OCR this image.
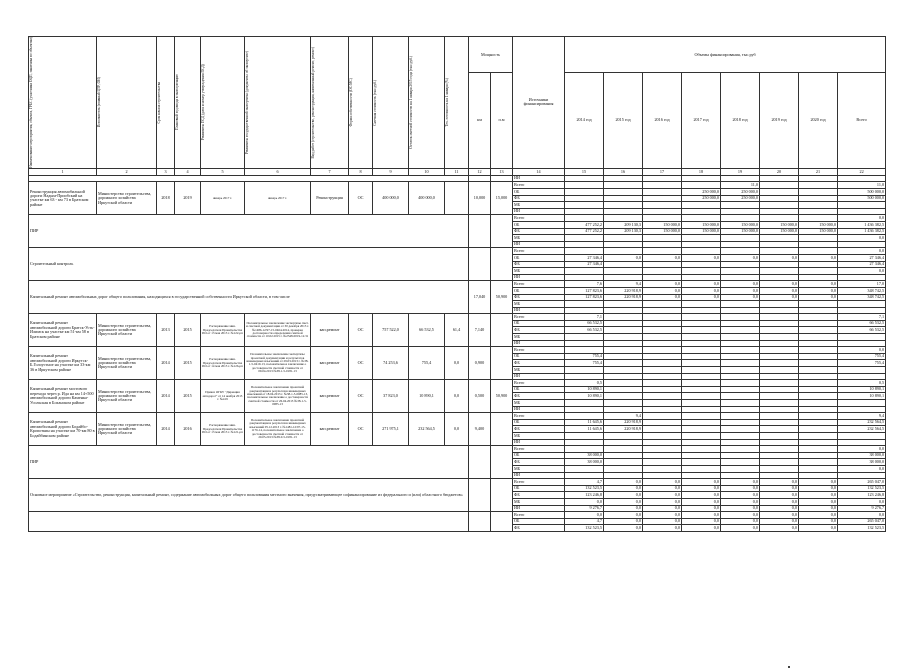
Наименование мероприятия, объекта, ГРБС (участника ОЦП, заказчика по объектам)	Исполнитель (главный ЦТР, ОИ)	Срок начала строительства	Плановый год ввода в эксплуатацию	Реквизиты ПСД (дата и номер утверждения ПСД)	Реквизиты государственной экспертизы (документы об экспертизе)	Вид работ (строительство, реконструкция, капитальный ремонт, ремонт)	Форма собственности (ОС/МС)	Сметная стоимость (тыс.руб.)	Остаток сметной стоимости на 1 января 2015 года (тыс.руб.)	Тех. готовность на 1 января (%)	Мощность		Источники финансирования	Объемы финансирования, тыс.руб							
											км	п.м		2014 год	2015 год	2016 год	2017 год	2018 год	2019 год	2020 год	Всего
1	2	3	4	5	6	7	8	9	10	11	12	13	14	15	16	17	18	19	20	21	22
													ИИ								
Реконструкция автомобильной дороги Надым-Приобский на участке км 63 - км 73 в Братском районе	Министерство строительства, дорожного хозяйства Иркутской области	2018	2019	январь 2017 г.	январь 2017 г.	Реконструкция	ОС	400 000,0	400 000,0		10,000	15,000	Всего					11,0			11,0
													ОБ				250 000,0	250 000,0			500 000,0
													ФБ				250 000,0	250 000,0			500 000,0
													МБ								
													ИИ								
ПИР													Всего								0,0
													ОБ	477 252,2	209 130,3	150 000,0	150 000,0	150 000,0	150 000,0	150 000,0	1 436 382,5
													ФБ	477 252,2	209 130,3	150 000,0	150 000,0	150 000,0	150 000,0	150 000,0	1 436 382,5
													МБ								0,0
													ИИ								
Строительный контроль													Всего								0,0
													ОБ	27 346,4	0,0	0,0	0,0	0,0	0,0	0,0	27 346,4
													ФБ	27 346,4							27 346,4
													МБ								0,0
													ИИ								
Капитальный ремонт автомобильных дорог общего пользования, находящихся в государственной собственности Иркутской области, в том числе											17,040	50,900	Всего	7,6	9,4	0,0	0,0	0,0	0,0	0,0	17,0
													ОБ	127 823,6	220 918,9	0,0	0,0	0,0	0,0	0,0	348 742,5
													ФБ	127 823,6	220 918,9	0,0	0,0	0,0	0,0	0,0	348 742,5
													МБ								
													ИИ								
Капитальный ремонт автомобильной дороги Братск-Усть-Илимск на участке км 51-км 58 в Братском районе	Министерство строительства, дорожного хозяйства Иркутской области	2013	2015	Распоряжение мин. Председателя Правительства ИО от 13 мая 2013 г. №122-рп	Положительное заключение экспертизы смет. и сметной документации от 30 декабря 2013 г. №1486-12/97-15-0464-2014, проверка достоверности определения сметной стоимости от 10.02.2015 г. №2548-0019-12.31	кап.ремонт	ОС	757 522,0	66 532,5	61,4	7,140		Всего	7,1							7,1
													ОБ	66 532,5							66 532,5
													ФБ	66 532,5							66 532,5
													МБ								
													ИИ								
Капитальный ремонт автомобильной дороги Иркутск-Б.Голоустное на участке км 33-км 36 в Иркутском районе	Министерство строительства, дорожного хозяйства Иркутской области	2014	2015	Распоряжение мин. Председателя Правительства ИО от 14 мая 2013 г. №126-рп	Положительное заключение экспертизы проектной документации и результатов инженерных изысканий от 29.03.2013 г. №38-1-5-0419-13, положительное заключение о достоверности сметной стоимости от 09.04.2013 №38-1-5-0181-13	кап.ремонт	ОС	74 253,6	755,4	0,0	0,900		Всего								0,0
													ОБ	755,4							755,4
													ФБ	755,4							755,4
													МБ								
													ИИ								
Капитальный ремонт мостового перехода через р. Ида на км 14+500 автомобильной дороги Каменка-Усольская в Боханском районе	Министерство строительства, дорожного хозяйства Иркутской области	2014	2015	Приказ ОГКУ "Дирекция автодорог" от 14 ноября 2013 г. №419	Положительное заключение проектной документации и результатов инженерных изысканий от 18.04.2013 г. №38-1-5-0085-13, положительное заключение о достоверности сметной стоимости от 26.04.2013 №38-1-5-0085-13	кап.ремонт	ОС	37 823,0	10 890,1	0,0	0,500	50,900	Всего	0,5							0,5
													ОБ	10 890,1							10 890,1
													ФБ	10 890,1							10 890,1
													МБ								
													ИИ								
Капитальный ремонт автомобильной дороги Бодайбо-Кропоткин на участке км 70-км 80 в Бодайбинском районе	Министерство строительства, дорожного хозяйства Иркутской области	2014	2016	Распоряжение мин. Председателя Правительства ИО от 13 мая 2013 г. №121-рп	Положительное заключение проектной документации и результатов инженерных изысканий 05.12.2013 г. №1481-12/97-15-1176-14, положительное заключение о достоверности сметной стоимости от 20.05.2013 №38-0-5-0181-13	кап.ремонт	ОС	271 975,1	232 564,5	0,0	9,400		Всего		9,4						9,4
													ОБ	11 645,6	220 918,9						232 564,5
													ФБ	11 645,6	220 918,9						232 564,5
													МБ								
													ИИ								
ПИР													Всего								0,0
													ОБ	38 000,0							38 000,0
													ФБ	38 000,0							38 000,0
													МБ								0,0
													ИИ								
Основное мероприятие «Строительство, реконструкция, капитальный ремонт, содержание автомобильных дорог общего пользования местного значения, предусматривающее софинансирование из федерального и (или) областного бюджетов»													Всего	4,7	0,0	0,0	0,0	0,0	0,0	0,0	265 047,0
													ОБ	132 523,5	0,0	0,0	0,0	0,0	0,0	0,0	132 523,5
													ФБ	123 246,8	0,0	0,0	0,0	0,0	0,0	0,0	123 246,8
													МБ	0,0	0,0	0,0	0,0	0,0	0,0	0,0	0,0
													ИИ	9 276,7	0,0	0,0	0,0	0,0	0,0	0,0	9 276,7
													Всего	0,0	0,0	0,0	0,0	0,0	0,0	0,0	0,0
													ОБ	4,7	0,0	0,0	0,0	0,0	0,0	0,0	265 047,0
													ФБ	132 523,5	0,0	0,0	0,0	0,0	0,0	0,0	132 523,5
